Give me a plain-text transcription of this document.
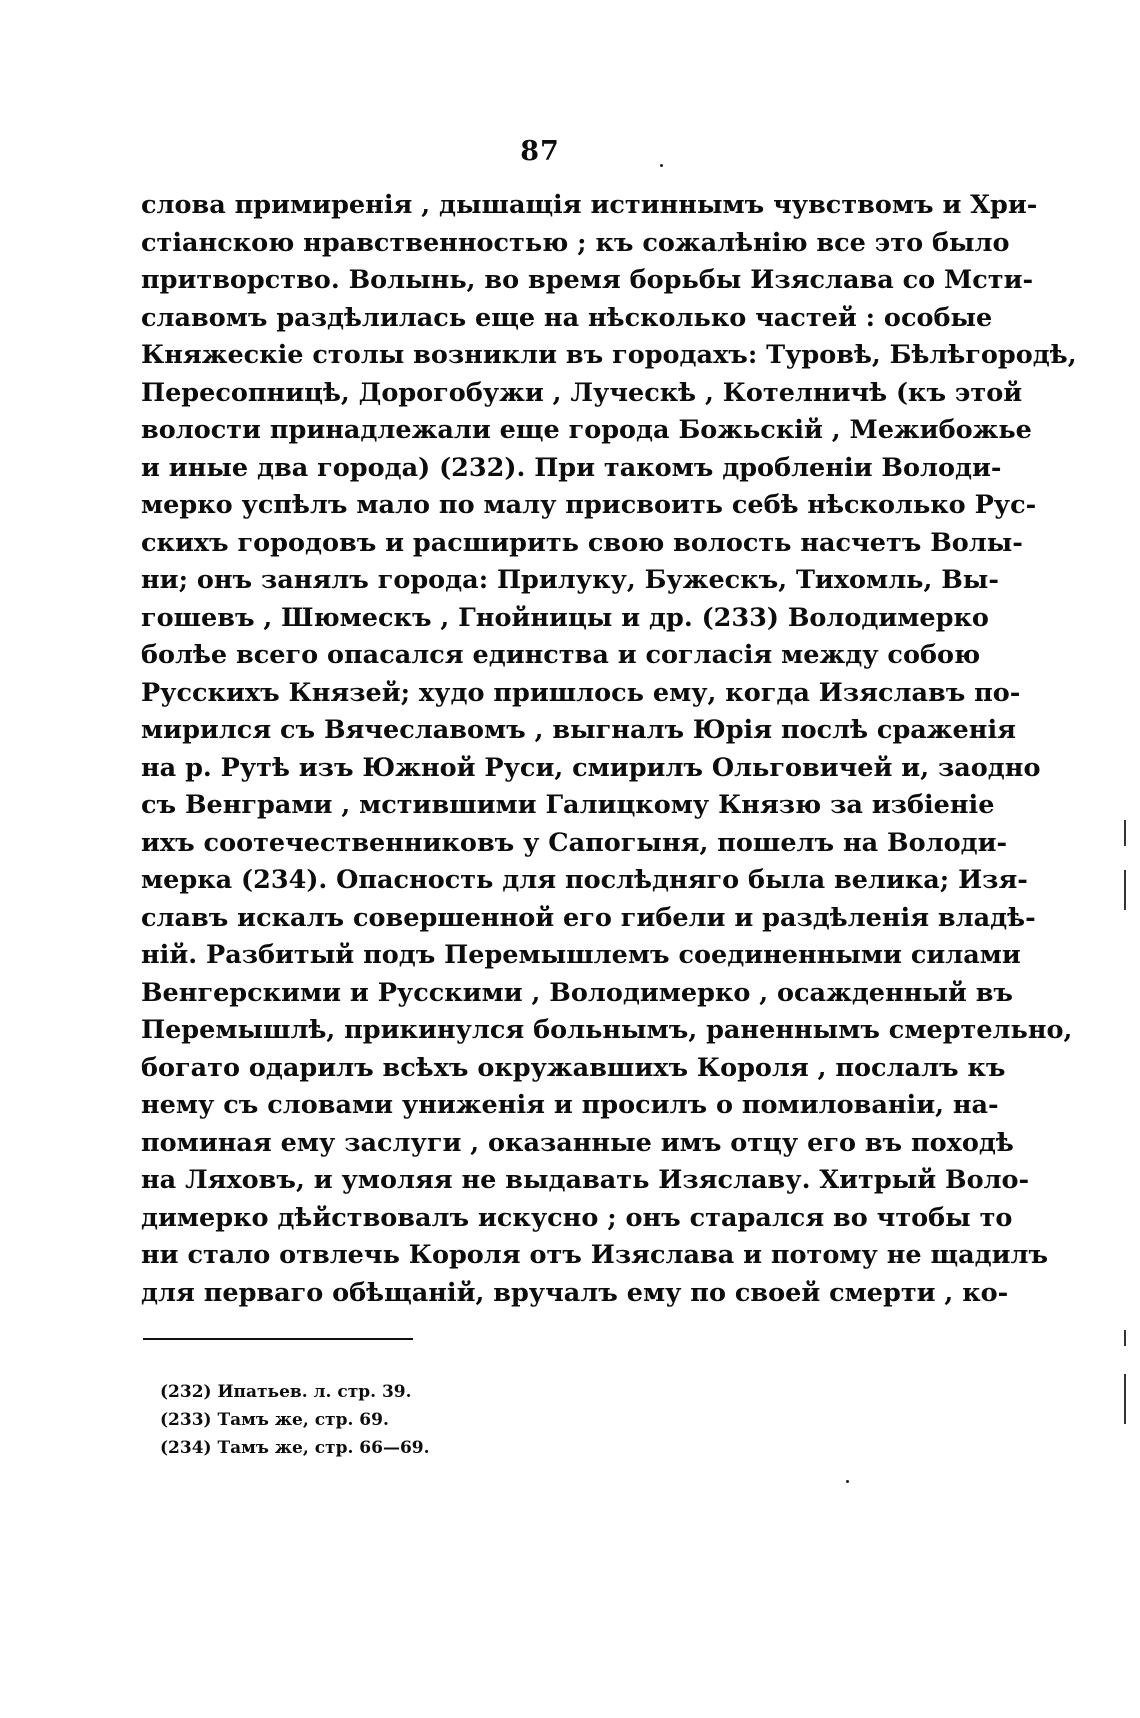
87
слова примиренія , дышащія истиннымъ чувствомъ и Хри-
стіанскою нравственностью ; къ сожалѣнію все это было
притворство. Волынь, во время борьбы Изяслава со Мсти-
славомъ раздѣлилась еще на нѣсколько частей : особые
Княжескіе столы возникли въ городахъ: Туровѣ, Бѣлѣгородѣ,
Пересопницѣ, Дорогобужи , Луческѣ , Котелничѣ (къ этой
волости принадлежали еще города Божьскій , Межибожье
и иные два города) (232). При такомъ дробленіи Володи-
мерко успѣлъ мало по малу присвоить себѣ нѣсколько Рус-
скихъ городовъ и расширить свою волость насчетъ Волы-
ни; онъ занялъ города: Прилуку, Бужескъ, Тихомль, Вы-
гошевъ , Шюмескъ , Гнойницы и др. (233) Володимерко
болѣе всего опасался единства и согласія между собою
Русскихъ Князей; худо пришлось ему, когда Изяславъ по-
мирился съ Вячеславомъ , выгналъ Юрія послѣ сраженія
на р. Рутѣ изъ Южной Руси, смирилъ Ольговичей и, заодно
съ Венграми , мстившими Галицкому Князю за избіеніе
ихъ соотечественниковъ у Сапогыня, пошелъ на Володи-
мерка (234). Опасность для послѣдняго была велика; Изя-
славъ искалъ совершенной его гибели и раздѣленія владѣ-
ній. Разбитый подъ Перемышлемъ соединенными силами
Венгерскими и Русскими , Володимерко , осажденный въ
Перемышлѣ, прикинулся больнымъ, раненнымъ смертельно,
богато одарилъ всѣхъ окружавшихъ Короля , послалъ къ
нему съ словами униженія и просилъ о помилованіи, на-
поминая ему заслуги , оказанные имъ отцу его въ походѣ
на Ляховъ, и умоляя не выдавать Изяславу. Хитрый Воло-
димерко дѣйствовалъ искусно ; онъ старался во чтобы то
ни стало отвлечь Короля отъ Изяслава и потому не щадилъ
для перваго обѣщаній, вручалъ ему по своей смерти , ко-
(232) Ипатьев. л. стр. 39.
(233) Тамъ же, стр. 69.
(234) Тамъ же, стр. 66—69.
